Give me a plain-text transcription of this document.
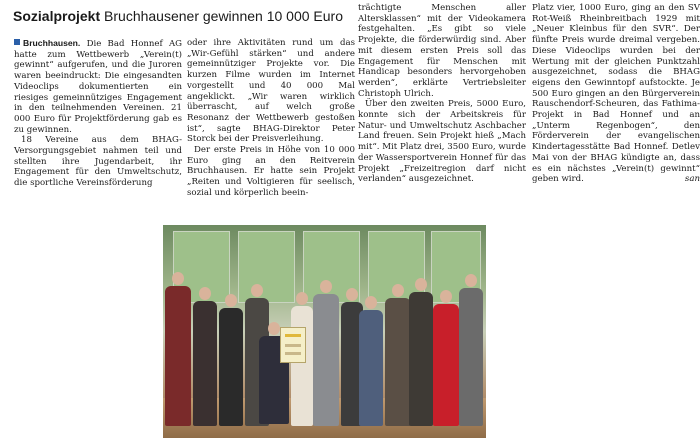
Sozialprojekt Bruchhausener gewinnen 10 000 Euro

Bruchhausen. Die Bad Honnef AG hatte zum Wettbewerb „Verein(t) gewinnt“ aufgerufen, und die Juroren waren beeindruckt: Die eingesandten Videoclips dokumentierten ein riesiges gemeinnütziges Engagement in den teilnehmenden Vereinen. 21 000 Euro für Projektförderung gab es zu gewinnen.

18 Vereine aus dem BHAG-Versorgungsgebiet nahmen teil und stellten ihre Jugendarbeit, ihr Engagement für den Umweltschutz, die sportliche Vereinsförderung

oder ihre Aktivitäten rund um das „Wir-Gefühl stärken“ und andere gemeinnütziger Projekte vor. Die kurzen Filme wurden im Internet vorgestellt und 40 000 Mal angeklickt. „Wir waren wirklich überrascht, auf welch große Resonanz der Wettbewerb gestoßen ist“, sagte BHAG-Direktor Peter Storck bei der Preisverleihung.

Der erste Preis in Höhe von 10 000 Euro ging an den Reitverein Bruchhausen. Er hatte sein Projekt „Reiten und Voltigieren für seelisch, sozial und körperlich beein-

trächtigte Menschen aller Altersklassen“ mit der Videokamera festgehalten. „Es gibt so viele Projekte, die förderwürdig sind. Aber mit diesem ersten Preis soll das Engagement für Menschen mit Handicap besonders hervorgehoben werden“, erklärte Vertriebsleiter Christoph Ulrich.

Über den zweiten Preis, 5000 Euro, konnte sich der Arbeitskreis für Natur- und Umweltschutz Aschbacher Land freuen. Sein Projekt hieß „Mach mit“. Mit Platz drei, 3500 Euro, wurde der Wassersportverein Honnef für das Projekt „Freizeitregion darf nicht verlanden“ ausgezeichnet.

Platz vier, 1000 Euro, ging an den SV Rot-Weiß Rheinbreitbach 1929 mit „Neuer Kleinbus für den SVR“. Der fünfte Preis wurde dreimal vergeben. Diese Videoclips wurden bei der Wertung mit der gleichen Punktzahl ausgezeichnet, sodass die BHAG eigens den Gewinntopf aufstockte. Je 500 Euro gingen an den Bürgerverein Rauschendorf-Scheuren, das Fathima-Projekt in Bad Honnef und an „Unterm Regenbogen“, den Förderverein der evangelischen Kindertagesstätte Bad Honnef. Detlev Mai von der BHAG kündigte an, dass es ein nächstes „Verein(t) gewinnt“ geben wird.	san
